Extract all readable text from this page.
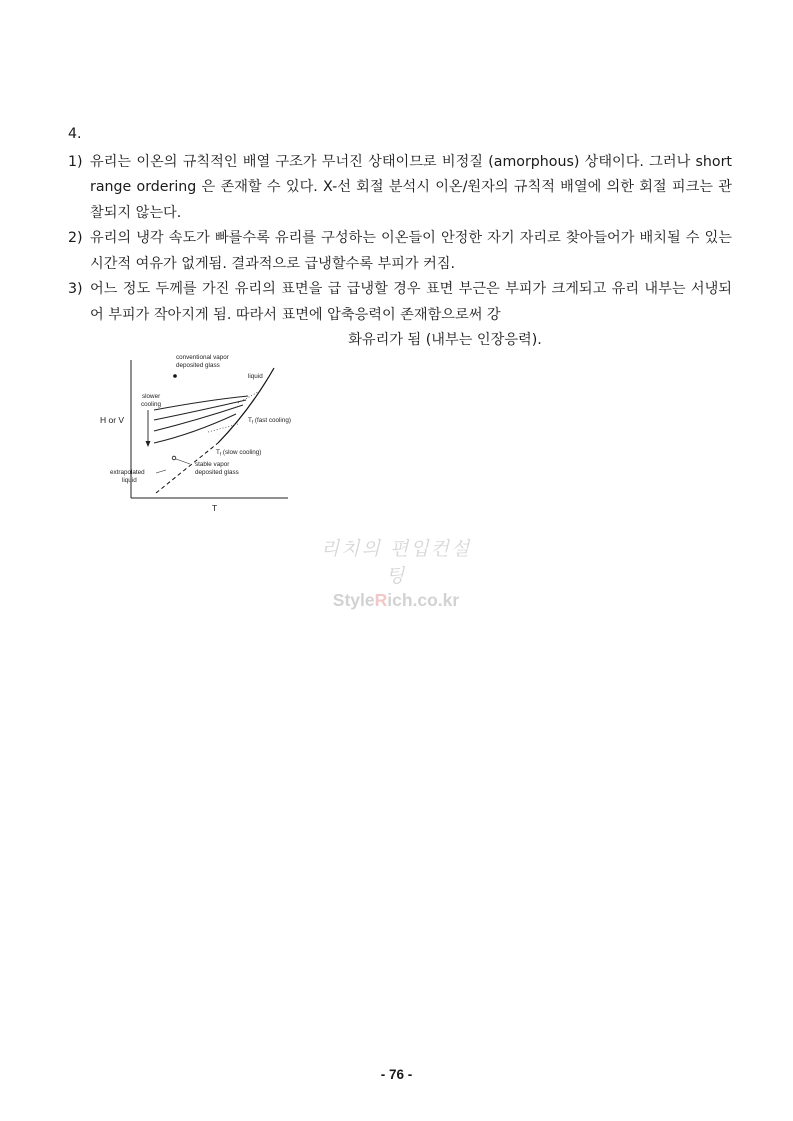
4.
1) 유리는 이온의 규칙적인 배열 구조가 무너진 상태이므로 비정질 (amorphous) 상태이다. 그러나 short range ordering 은 존재할 수 있다. X-선 회절 분석시 이온/원자의 규칙적 배열에 의한 회절 피크는 관찰되지 않는다.
2) 유리의 냉각 속도가 빠를수록 유리를 구성하는 이온들이 안정한 자기 자리로 찾아들어가 배치될 수 있는 시간적 여유가 없게됨. 결과적으로 급냉할수록 부피가 커짐.
3) 어느 정도 두께를 가진 유리의 표면을 급 급냉할 경우 표면 부근은 부피가 크게되고 유리 내부는 서냉되어 부피가 작아지게 됨. 따라서 표면에 압축응력이 존재함으로써 강
화유리가 됨 (내부는 인장응력).
H or V
T
conventional vapor
deposited glass
liquid
slower
cooling
$T_f$ (fast cooling)
$T_f$ (slow cooling)
stable vapor
deposited glass
extrapolated
liquid
리치의 편입컨설팅
StyleRich.co.kr
- 76 -
